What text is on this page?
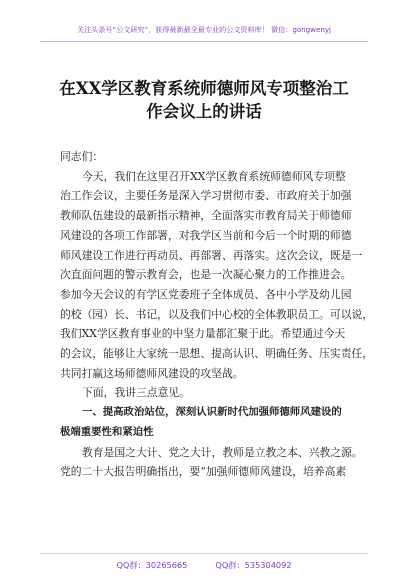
关注头条号“公文研究”，获得最新最全最专业的公文资料库！ 微信：gongwenyj
在XX学区教育系统师德师风专项整治工
作会议上的讲话
同志们：
今天，我们在这里召开XX学区教育系统师德师风专项整
治工作会议，主要任务是深入学习贯彻市委、市政府关于加强
教师队伍建设的最新指示精神，全面落实市教育局关于师德师
风建设的各项工作部署，对我学区当前和今后一个时期的师德
师风建设工作进行再动员、再部署、再落实。这次会议，既是一
次直面问题的警示教育会，也是一次凝心聚力的工作推进会。
参加今天会议的有学区党委班子全体成员、各中小学及幼儿园
的校（园）长、书记，以及我们中心校的全体教职员工。可以说，
我们XX学区教育事业的中坚力量都汇聚于此。希望通过今天
的会议，能够让大家统一思想、提高认识、明确任务、压实责任，
共同打赢这场师德师风建设的攻坚战。
下面，我讲三点意见。
一、提高政治站位，深刻认识新时代加强师德师风建设的
极端重要性和紧迫性
教育是国之大计、党之大计，教师是立教之本、兴教之源。
党的二十大报告明确指出，要“加强师德师风建设，培养高素
QQ群：30265665	QQ群：535304092
